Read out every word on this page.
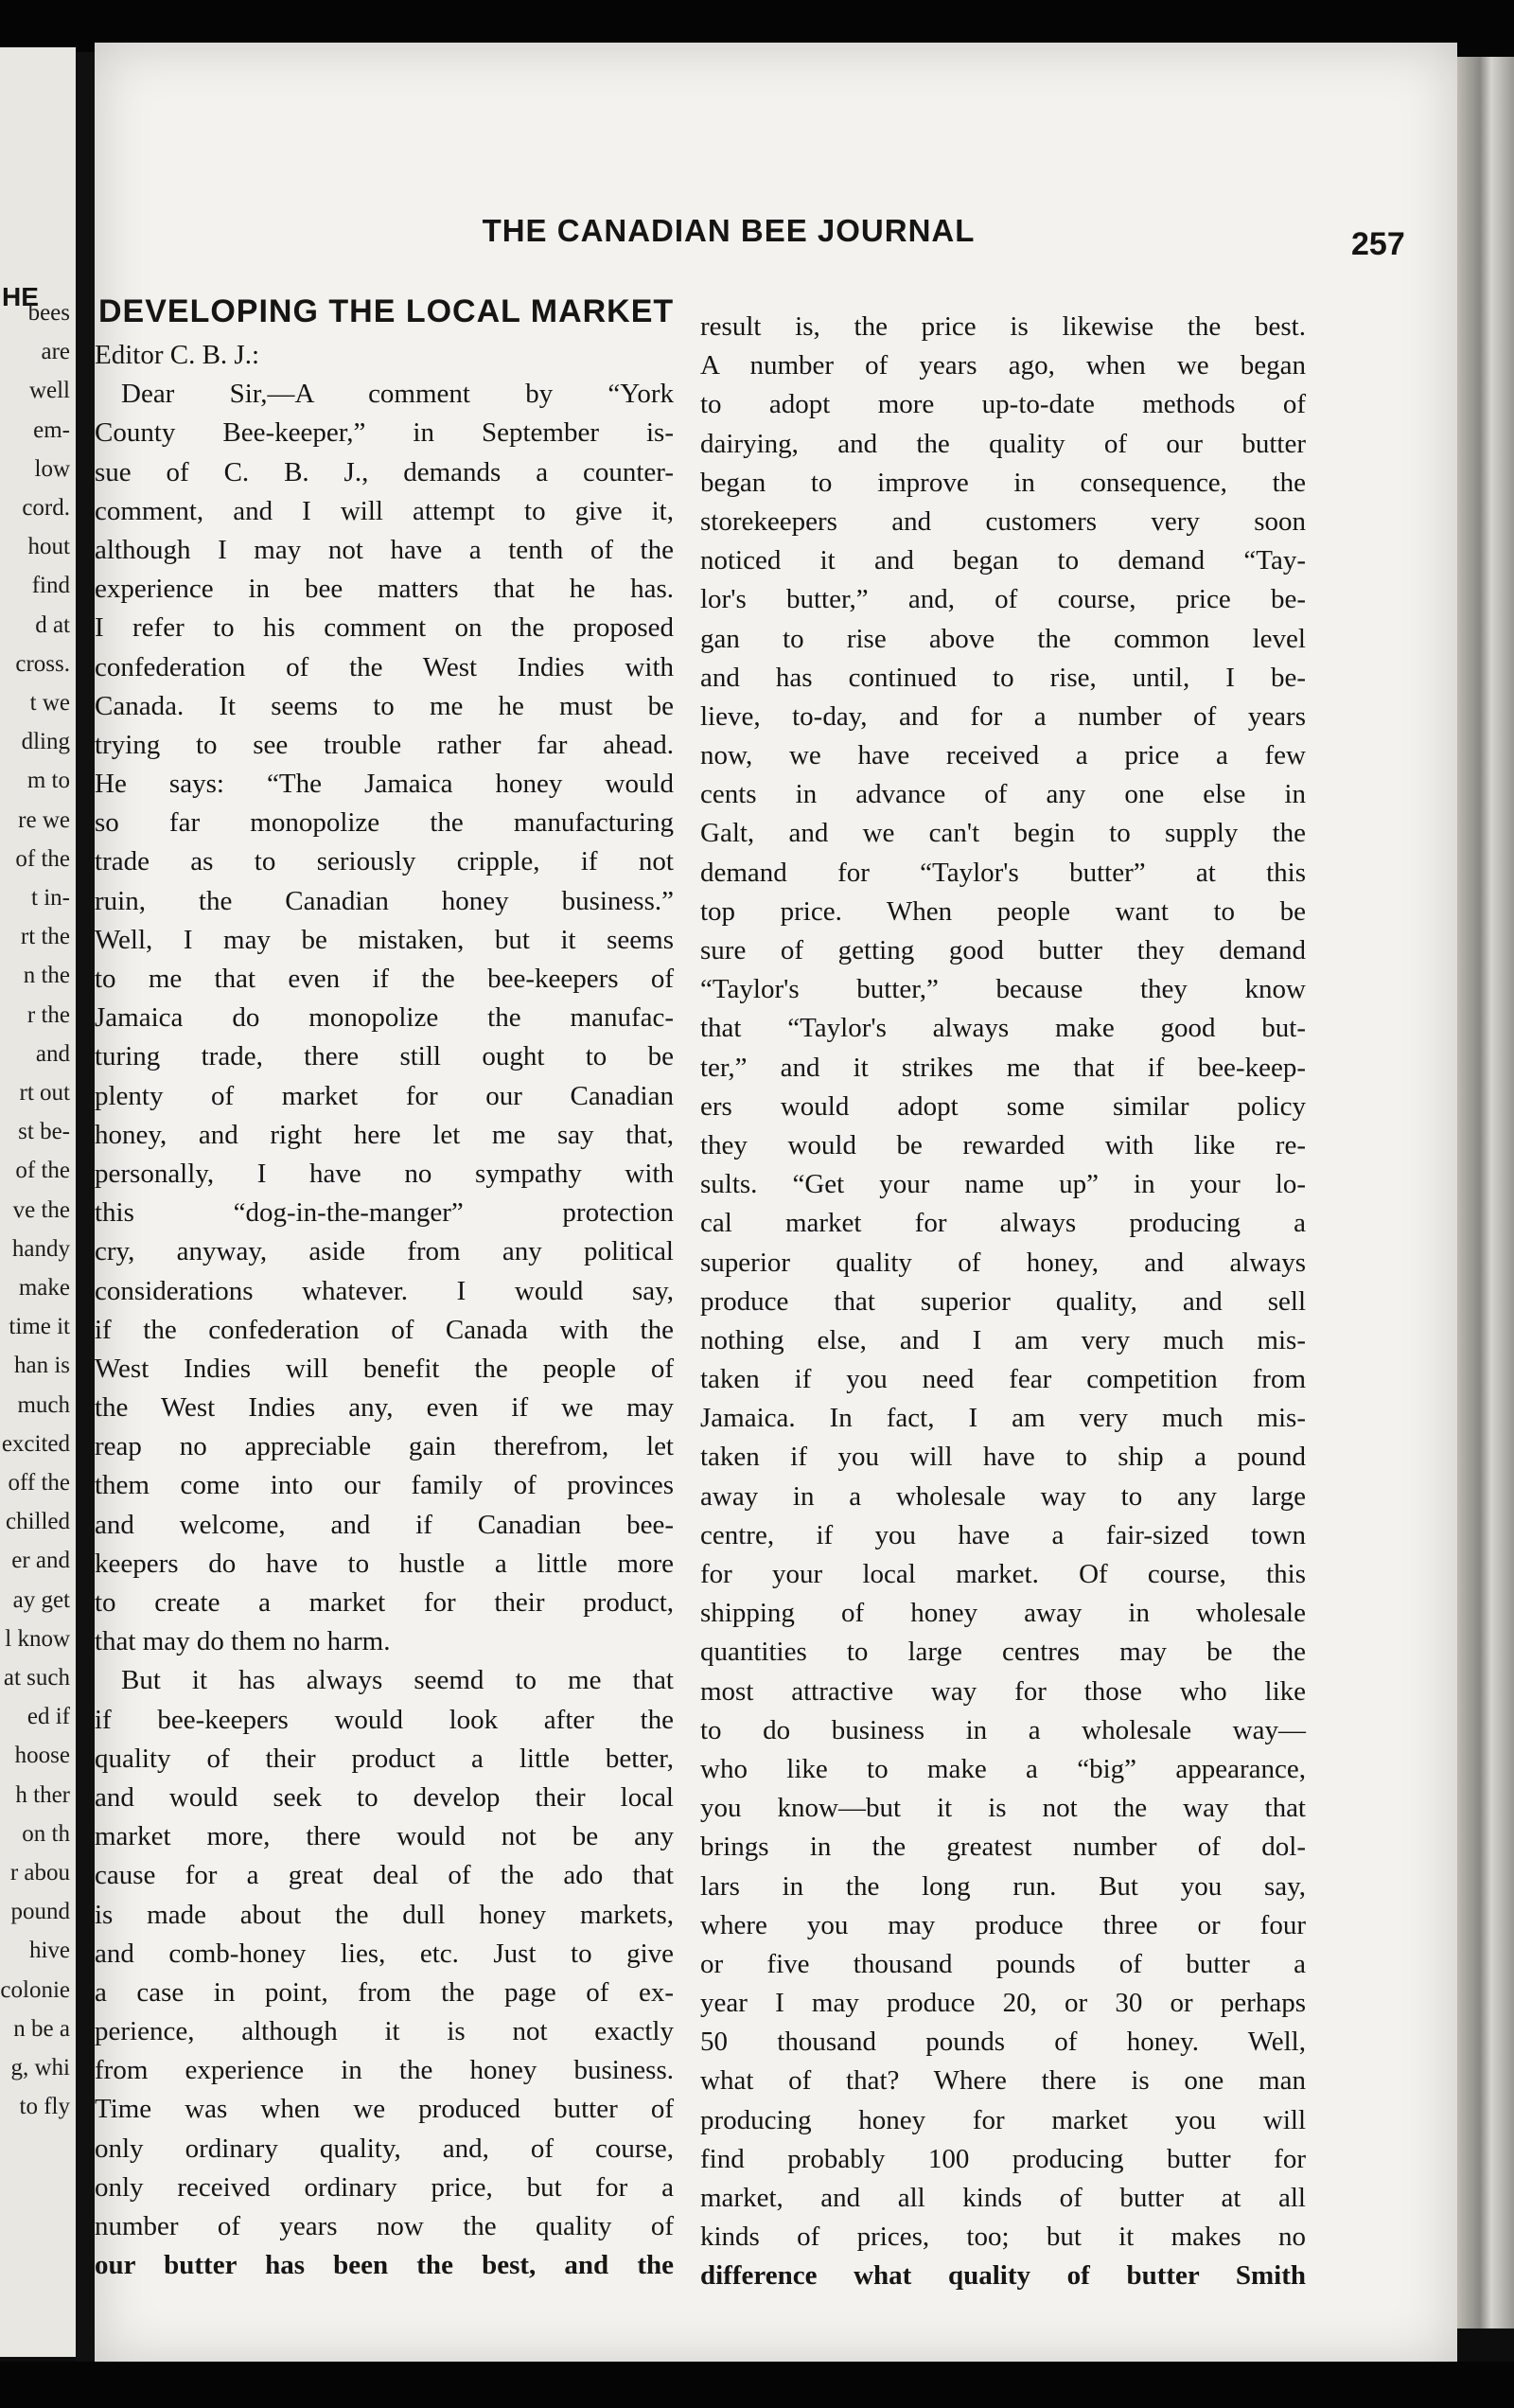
HE
bees
are
well
em-
low
cord.
hout
find
d at
cross.
t we
dling
m to
re we
of the
t in-
rt the
n the
r the
and
rt out
st be-
of the
ve the
handy
make
time it
han is
much
excited
off the
chilled
er and
ay get
l know
at such
ed if
hoose
h ther
on th
r abou
pound
hive
colonie
n be a
g, whi
to fly
THE CANADIAN BEE JOURNAL	257
DEVELOPING THE LOCAL MARKET
Editor C. B. J.:
Dear Sir,—A comment by “York
County Bee-keeper,” in September is-
sue of C. B. J., demands a counter-
comment, and I will attempt to give it,
although I may not have a tenth of the
experience in bee matters that he has.
I refer to his comment on the proposed
confederation of the West Indies with
Canada. It seems to me he must be
trying to see trouble rather far ahead.
He says: “The Jamaica honey would
so far monopolize the manufacturing
trade as to seriously cripple, if not
ruin, the Canadian honey business.”
Well, I may be mistaken, but it seems
to me that even if the bee-keepers of
Jamaica do monopolize the manufac-
turing trade, there still ought to be
plenty of market for our Canadian
honey, and right here let me say that,
personally, I have no sympathy with
this “dog-in-the-manger” protection
cry, anyway, aside from any political
considerations whatever. I would say,
if the confederation of Canada with the
West Indies will benefit the people of
the West Indies any, even if we may
reap no appreciable gain therefrom, let
them come into our family of provinces
and welcome, and if Canadian bee-
keepers do have to hustle a little more
to create a market for their product,
that may do them no harm.
But it has always seemd to me that
if bee-keepers would look after the
quality of their product a little better,
and would seek to develop their local
market more, there would not be any
cause for a great deal of the ado that
is made about the dull honey markets,
and comb-honey lies, etc. Just to give
a case in point, from the page of ex-
perience, although it is not exactly
from experience in the honey business.
Time was when we produced butter of
only ordinary quality, and, of course,
only received ordinary price, but for a
number of years now the quality of
our butter has been the best, and the
result is, the price is likewise the best.
A number of years ago, when we began
to adopt more up-to-date methods of
dairying, and the quality of our butter
began to improve in consequence, the
storekeepers and customers very soon
noticed it and began to demand “Tay-
lor's butter,” and, of course, price be-
gan to rise above the common level
and has continued to rise, until, I be-
lieve, to-day, and for a number of years
now, we have received a price a few
cents in advance of any one else in
Galt, and we can't begin to supply the
demand for “Taylor's butter” at this
top price. When people want to be
sure of getting good butter they demand
“Taylor's butter,” because they know
that “Taylor's always make good but-
ter,” and it strikes me that if bee-keep-
ers would adopt some similar policy
they would be rewarded with like re-
sults. “Get your name up” in your lo-
cal market for always producing a
superior quality of honey, and always
produce that superior quality, and sell
nothing else, and I am very much mis-
taken if you need fear competition from
Jamaica. In fact, I am very much mis-
taken if you will have to ship a pound
away in a wholesale way to any large
centre, if you have a fair-sized town
for your local market. Of course, this
shipping of honey away in wholesale
quantities to large centres may be the
most attractive way for those who like
to do business in a wholesale way—
who like to make a “big” appearance,
you know—but it is not the way that
brings in the greatest number of dol-
lars in the long run. But you say,
where you may produce three or four
or five thousand pounds of butter a
year I may produce 20, or 30 or perhaps
50 thousand pounds of honey. Well,
what of that? Where there is one man
producing honey for market you will
find probably 100 producing butter for
market, and all kinds of butter at all
kinds of prices, too; but it makes no
difference what quality of butter Smith
